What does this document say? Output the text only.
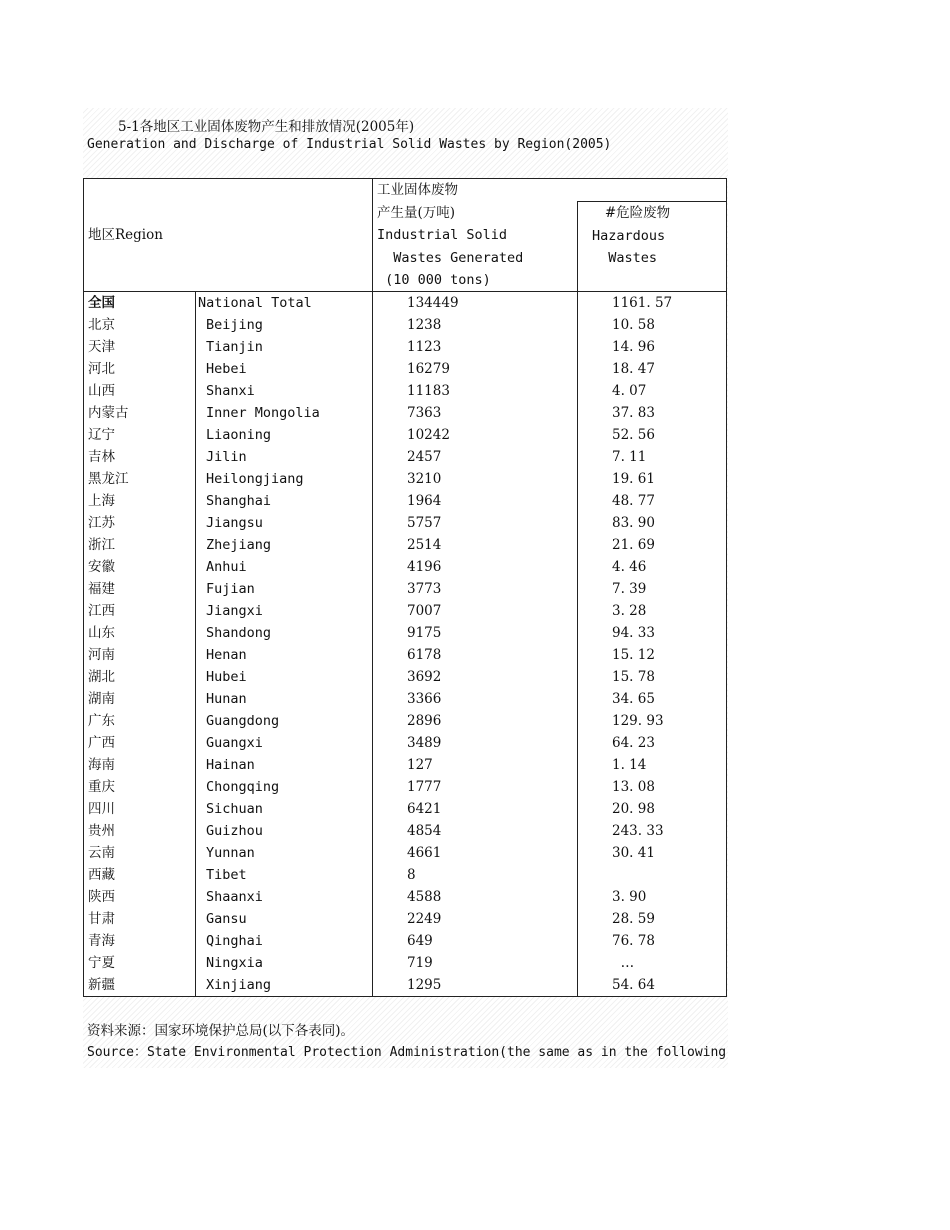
5-1各地区工业固体废物产生和排放情况(2005年)
Generation and Discharge of Industrial Solid Wastes by Region(2005)
地区Region		工业固体废物	

		产生量(万吨)
Industrial Solid
Wastes Generated
(10 000 tons)	#危险废物
Hazardous
Wastes

全国	National Total	134449	1161. 57
北京	Beijing	1238	10. 58
天津	Tianjin	1123	14. 96
河北	Hebei	16279	18. 47
山西	Shanxi	11183	4. 07
内蒙古	Inner Mongolia	7363	37. 83
辽宁	Liaoning	10242	52. 56
吉林	Jilin	2457	7. 11
黑龙江	Heilongjiang	3210	19. 61
上海	Shanghai	1964	48. 77
江苏	Jiangsu	5757	83. 90
浙江	Zhejiang	2514	21. 69
安徽	Anhui	4196	4. 46
福建	Fujian	3773	7. 39
江西	Jiangxi	7007	3. 28
山东	Shandong	9175	94. 33
河南	Henan	6178	15. 12
湖北	Hubei	3692	15. 78
湖南	Hunan	3366	34. 65
广东	Guangdong	2896	129. 93
广西	Guangxi	3489	64. 23
海南	Hainan	127	1. 14
重庆	Chongqing	1777	13. 08
四川	Sichuan	6421	20. 98
贵州	Guizhou	4854	243. 33
云南	Yunnan	4661	30. 41
西藏	Tibet	8	
陕西	Shaanxi	4588	3. 90
甘肃	Gansu	2249	28. 59
青海	Qinghai	649	76. 78
宁夏	Ningxia	719	…
新疆	Xinjiang	1295	54. 64
资料来源：国家环境保护总局(以下各表同)。
Source：State Environmental Protection Administration(the same as in the following
